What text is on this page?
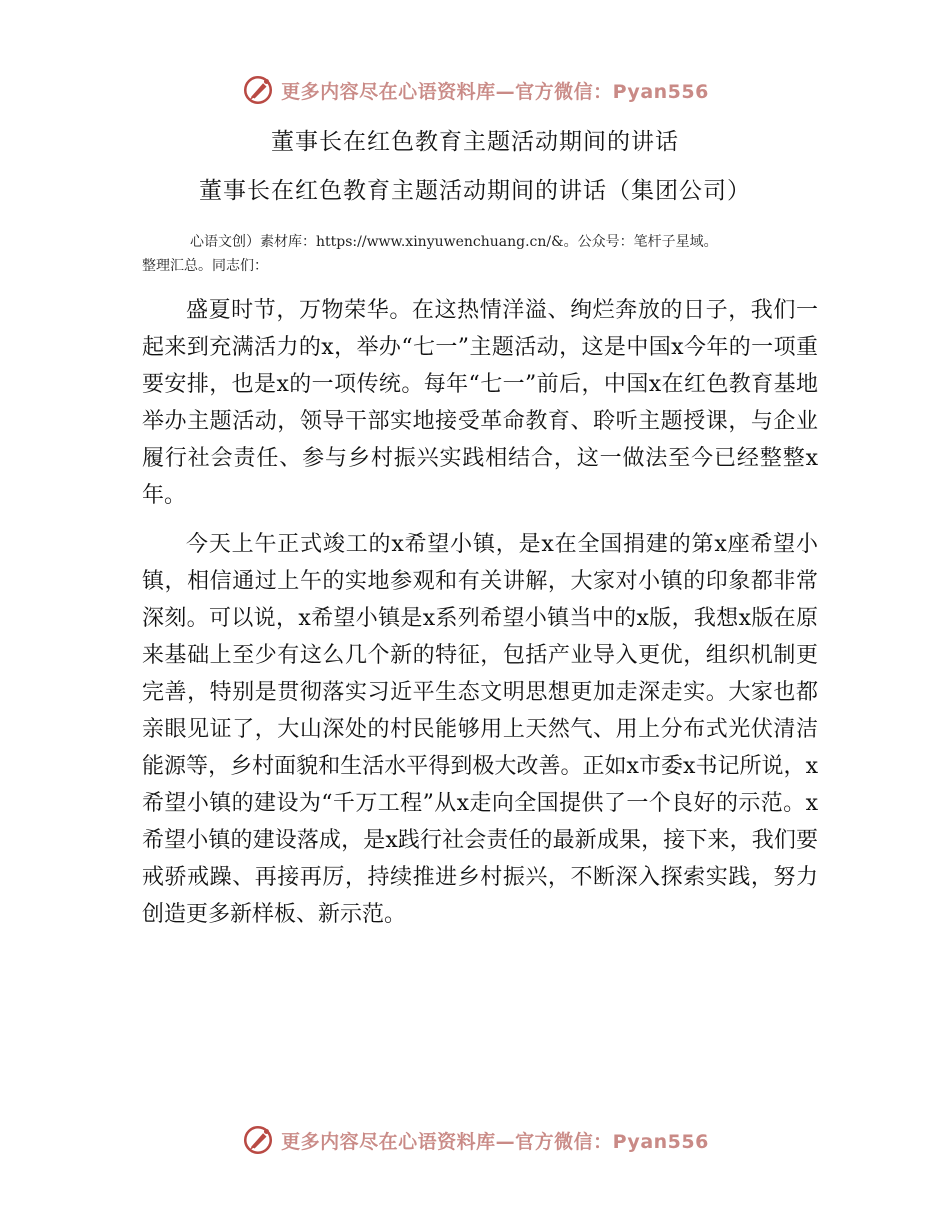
更多内容尽在心语资料库—官方微信：Pyan556
董事长在红色教育主题活动期间的讲话
董事长在红色教育主题活动期间的讲话（集团公司）
心语文创）素材库：https://www.xinyuwenchuang.cn/&。公众号：笔杆子星域。
整理汇总。同志们：

盛夏时节，万物荣华。在这热情洋溢、绚烂奔放的日子，我们一起来到充满活力的x，举办“七一”主题活动，这是中国x今年的一项重要安排，也是x的一项传统。每年“七一”前后，中国x在红色教育基地举办主题活动，领导干部实地接受革命教育、聆听主题授课，与企业履行社会责任、参与乡村振兴实践相结合，这一做法至今已经整整x年。

今天上午正式竣工的x希望小镇，是x在全国捐建的第x座希望小镇，相信通过上午的实地参观和有关讲解，大家对小镇的印象都非常深刻。可以说，x希望小镇是x系列希望小镇当中的x版，我想x版在原来基础上至少有这么几个新的特征，包括产业导入更优，组织机制更完善，特别是贯彻落实习近平生态文明思想更加走深走实。大家也都亲眼见证了，大山深处的村民能够用上天然气、用上分布式光伏清洁能源等，乡村面貌和生活水平得到极大改善。正如x市委x书记所说，x希望小镇的建设为“千万工程”从x走向全国提供了一个良好的示范。x希望小镇的建设落成，是x践行社会责任的最新成果，接下来，我们要戒骄戒躁、再接再厉，持续推进乡村振兴，不断深入探索实践，努力创造更多新样板、新示范。

更多内容尽在心语资料库—官方微信：Pyan556
